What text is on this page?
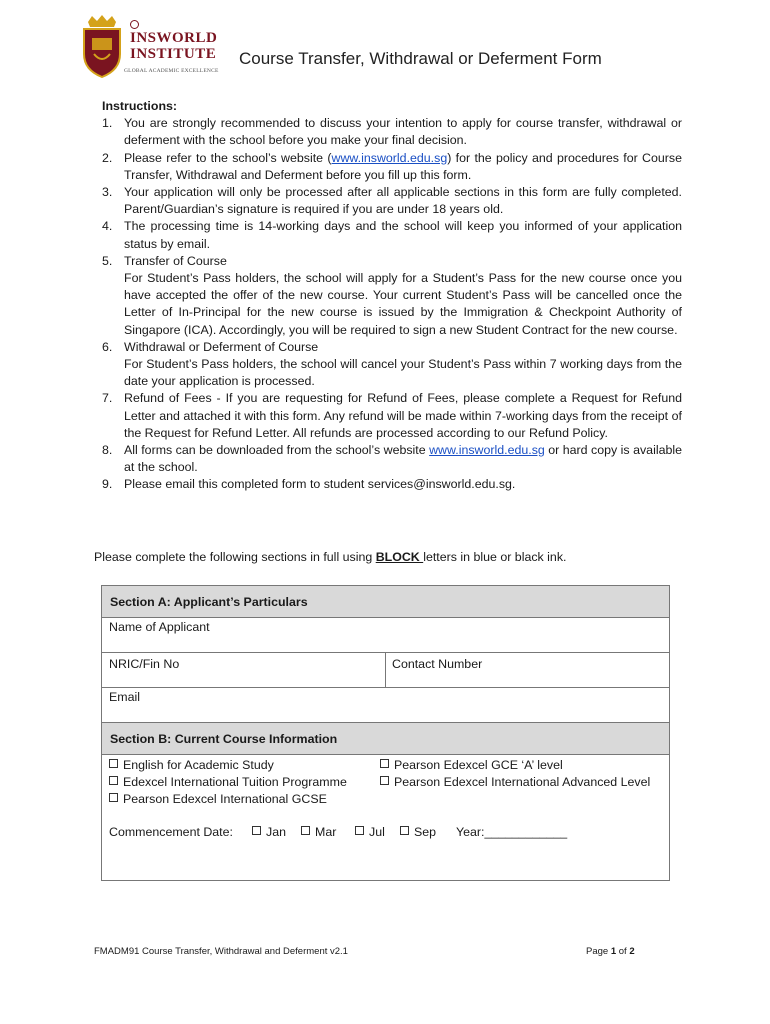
INSWORLD
INSTITUTE
GLOBAL ACADEMIC EXCELLENCE
Course Transfer, Withdrawal or Deferment Form
Instructions:
1. You are strongly recommended to discuss your intention to apply for course transfer, withdrawal or deferment with the school before you make your final decision.
2. Please refer to the school’s website (www.insworld.edu.sg) for the policy and procedures for Course Transfer, Withdrawal and Deferment before you fill up this form.
3. Your application will only be processed after all applicable sections in this form are fully completed. Parent/Guardian’s signature is required if you are under 18 years old.
4. The processing time is 14-working days and the school will keep you informed of your application status by email.
5. Transfer of Course
For Student’s Pass holders, the school will apply for a Student’s Pass for the new course once you have accepted the offer of the new course. Your current Student’s Pass will be cancelled once the Letter of In-Principal for the new course is issued by the Immigration & Checkpoint Authority of Singapore (ICA). Accordingly, you will be required to sign a new Student Contract for the new course.
6. Withdrawal or Deferment of Course
For Student’s Pass holders, the school will cancel your Student’s Pass within 7 working days from the date your application is processed.
7. Refund of Fees - If you are requesting for Refund of Fees, please complete a Request for Refund Letter and attached it with this form. Any refund will be made within 7-working days from the receipt of the Request for Refund Letter. All refunds are processed according to our Refund Policy.
8. All forms can be downloaded from the school’s website www.insworld.edu.sg or hard copy is available at the school.
9. Please email this completed form to student services@insworld.edu.sg.
Please complete the following sections in full using BLOCK letters in blue or black ink.
Section A: Applicant’s Particulars
Name of Applicant
NRIC/Fin No	Contact Number
Email
Section B: Current Course Information
English for Academic Study
Edexcel International Tuition Programme
Pearson Edexcel International GCSE
Pearson Edexcel GCE ‘A’ level
Pearson Edexcel International Advanced Level
Commencement Date:	Jan	Mar	Jul	Sep Year:____________
FMADM91 Course Transfer, Withdrawal and Deferment v2.1	Page 1 of 2
